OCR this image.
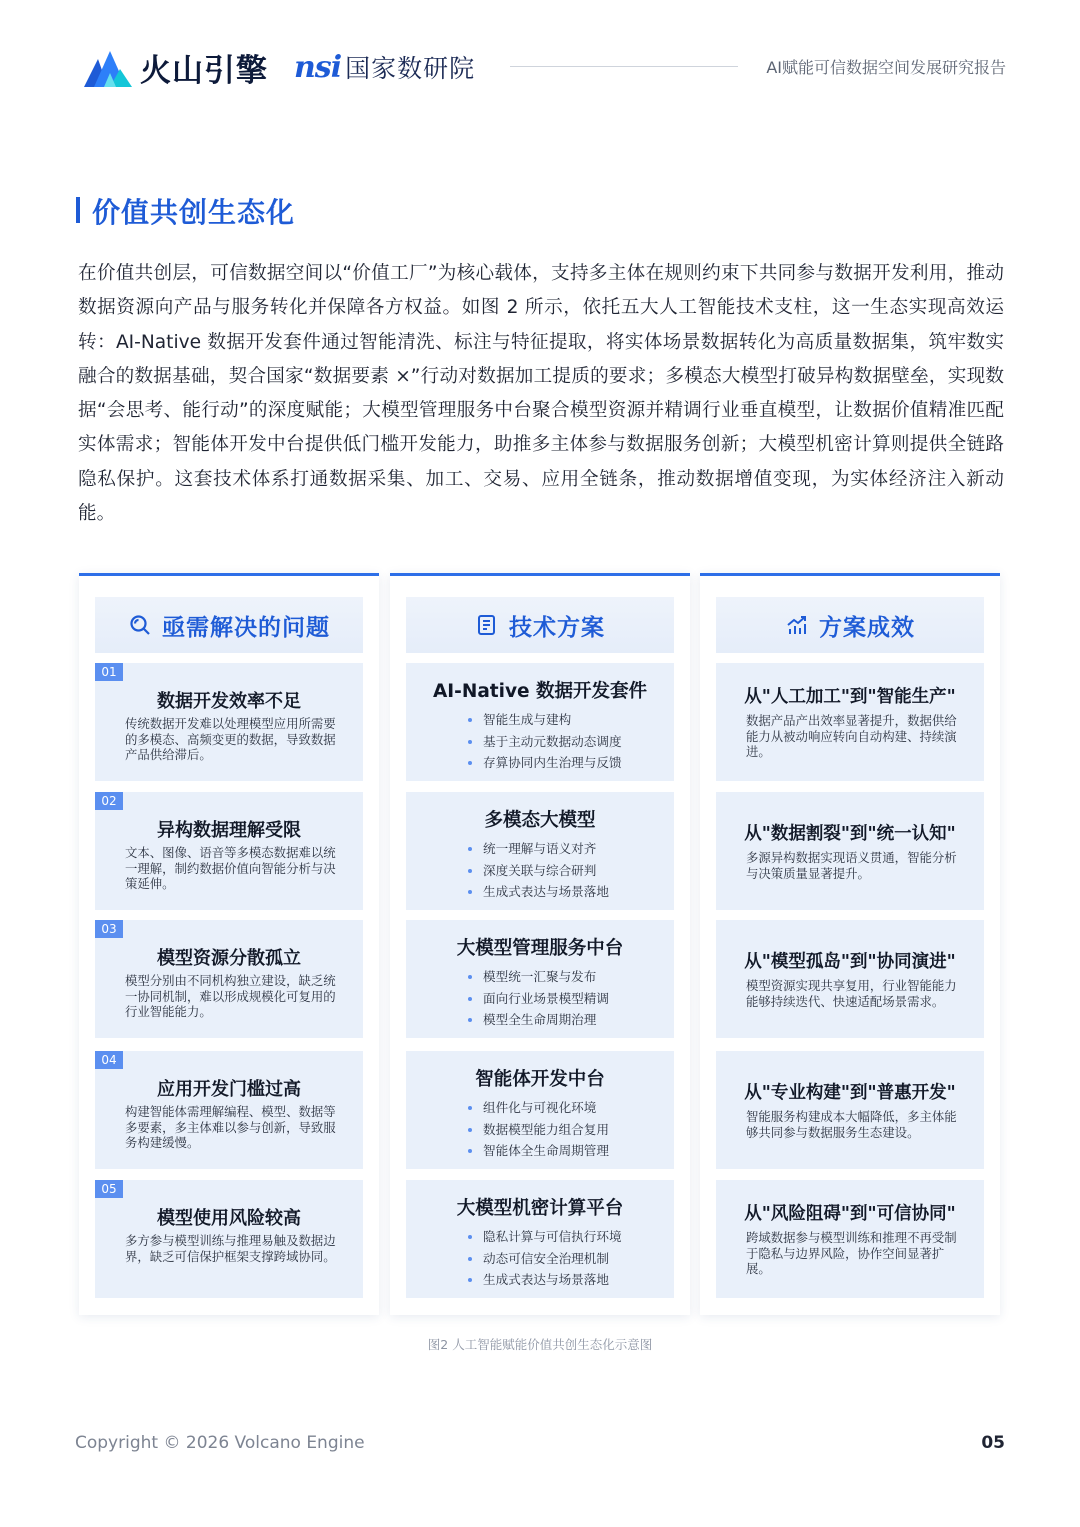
火山引擎 nsi 国家数研院	AI赋能可信数据空间发展研究报告
价值共创生态化
在价值共创层，可信数据空间以“价值工厂”为核心载体，支持多主体在规则约束下共同参与数据开发利用，推动数据资源向产品与服务转化并保障各方权益。如图 2 所示，依托五大人工智能技术支柱，这一生态实现高效运转：AI-Native 数据开发套件通过智能清洗、标注与特征提取，将实体场景数据转化为高质量数据集，筑牢数实融合的数据基础，契合国家“数据要素 ×”行动对数据加工提质的要求；多模态大模型打破异构数据壁垒，实现数据“会思考、能行动”的深度赋能；大模型管理服务中台聚合模型资源并精调行业垂直模型，让数据价值精准匹配实体需求；智能体开发中台提供低门槛开发能力，助推多主体参与数据服务创新；大模型机密计算则提供全链路隐私保护。这套技术体系打通数据采集、加工、交易、应用全链条，推动数据增值变现，为实体经济注入新动能。
亟需解决的问题
01
数据开发效率不足
传统数据开发难以处理模型应用所需要的多模态、高频变更的数据，导致数据产品供给滞后。
02
异构数据理解受限
文本、图像、语音等多模态数据难以统一理解，制约数据价值向智能分析与决策延伸。
03
模型资源分散孤立
模型分别由不同机构独立建设，缺乏统一协同机制，难以形成规模化可复用的行业智能能力。
04
应用开发门槛过高
构建智能体需理解编程、模型、数据等多要素，多主体难以参与创新，导致服务构建缓慢。
05
模型使用风险较高
多方参与模型训练与推理易触及数据边界，缺乏可信保护框架支撑跨域协同。
技术方案
AI-Native 数据开发套件
智能生成与建构
基于主动元数据动态调度
存算协同内生治理与反馈
多模态大模型
统一理解与语义对齐
深度关联与综合研判
生成式表达与场景落地
大模型管理服务中台
模型统一汇聚与发布
面向行业场景模型精调
模型全生命周期治理
智能体开发中台
组件化与可视化环境
数据模型能力组合复用
智能体全生命周期管理
大模型机密计算平台
隐私计算与可信执行环境
动态可信安全治理机制
生成式表达与场景落地
方案成效
从"人工加工"到"智能生产"
数据产品产出效率显著提升，数据供给能力从被动响应转向自动构建、持续演进。
从"数据割裂"到"统一认知"
多源异构数据实现语义贯通，智能分析与决策质量显著提升。
从"模型孤岛"到"协同演进"
模型资源实现共享复用，行业智能能力能够持续迭代、快速适配场景需求。
从"专业构建"到"普惠开发"
智能服务构建成本大幅降低，多主体能够共同参与数据服务生态建设。
从"风险阻碍"到"可信协同"
跨域数据参与模型训练和推理不再受制于隐私与边界风险，协作空间显著扩展。
图2 人工智能赋能价值共创生态化示意图
Copyright © 2026 Volcano Engine	05
